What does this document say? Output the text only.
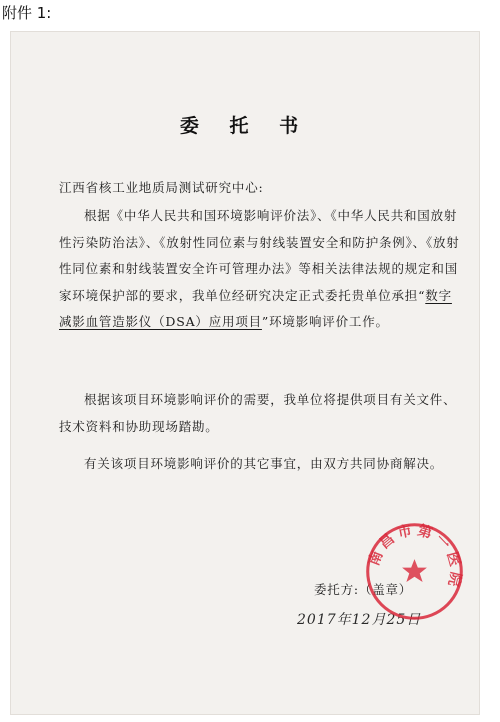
附件 1:
委 托 书
江西省核工业地质局测试研究中心:

根据《中华人民共和国环境影响评价法》、《中华人民共和国放射性污染防治法》、《放射性同位素与射线装置安全和防护条例》、《放射性同位素和射线装置安全许可管理办法》等相关法律法规的规定和国家环境保护部的要求，我单位经研究决定正式委托贵单位承担“数字减影血管造影仪（DSA）应用项目”环境影响评价工作。

根据该项目环境影响评价的需要，我单位将提供项目有关文件、技术资料和协助现场踏勘。

有关该项目环境影响评价的其它事宜，由双方共同协商解决。

委托方:（盖章）
2017年12月25日
南昌市第一医院
